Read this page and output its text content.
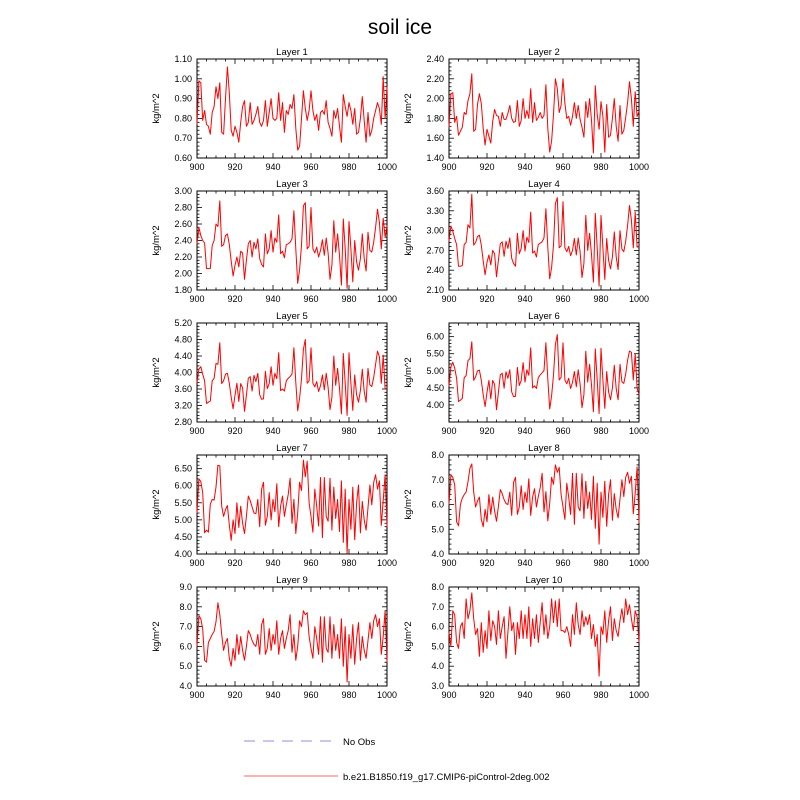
soil ice
Layer 1
900	920	940	960	980 1000
0.60
0.70
0.80
0.90
1.00
1.10
kg/m^2
Layer 2
900	920	940	960	980 1000
1.40
1.60
1.80
2.00
2.20
2.40
kg/m^2
Layer 3
900	920	940	960	980 1000
1.80
2.00
2.20
2.40
2.60
2.80
3.00
kg/m^2
Layer 4
900	920	940	960	980 1000
2.10
2.40
2.70
3.00
3.30
3.60
kg/m^2
Layer 5
900	920	940	960	980 1000
2.80
3.20
3.60
4.00
4.40
4.80
5.20
kg/m^2
Layer 6
900	920	940	960	980 1000
4.00
4.50
5.00
5.50
6.00
kg/m^2
Layer 7
900	920	940	960	980 1000
4.00
4.50
5.00
5.50
6.00
6.50
kg/m^2
Layer 8
900	920	940	960	980 1000
4.0
5.0
6.0
7.0
8.0
kg/m^2
Layer 9
900	920	940	960	980 1000
4.0
5.0
6.0
7.0
8.0
9.0
kg/m^2
Layer 10
900	920	940	960	980 1000
3.0
4.0
5.0
6.0
7.0
8.0
kg/m^2
No Obs
b.e21.B1850.f19_g17.CMIP6-piControl-2deg.002
